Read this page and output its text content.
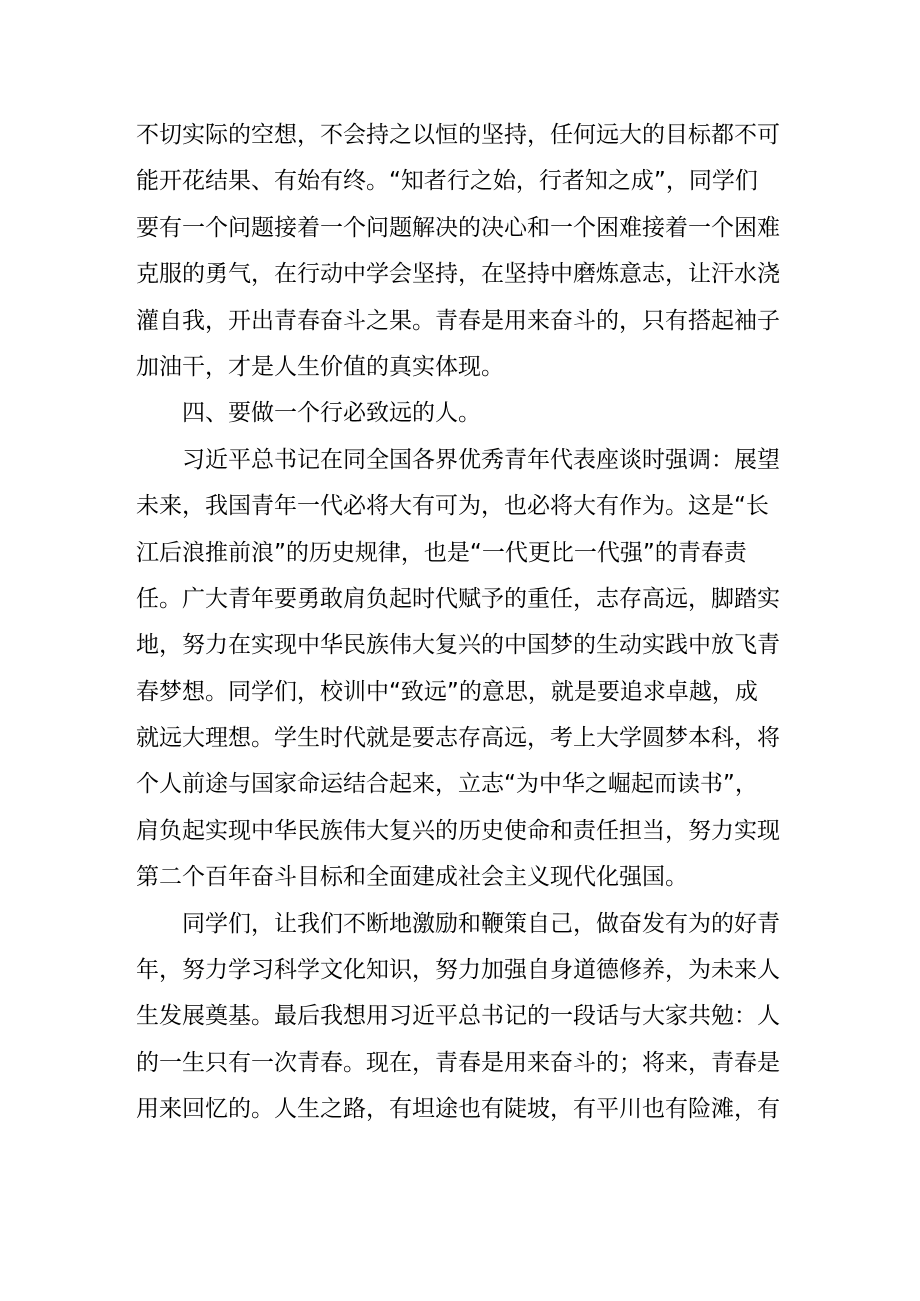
不切实际的空想，不会持之以恒的坚持，任何远大的目标都不可
能开花结果、有始有终。“知者行之始，行者知之成”，同学们
要有一个问题接着一个问题解决的决心和一个困难接着一个困难
克服的勇气，在行动中学会坚持，在坚持中磨炼意志，让汗水浇
灌自我，开出青春奋斗之果。青春是用来奋斗的，只有搭起袖子
加油干，才是人生价值的真实体现。
四、要做一个行必致远的人。
习近平总书记在同全国各界优秀青年代表座谈时强调：展望
未来，我国青年一代必将大有可为，也必将大有作为。这是“长
江后浪推前浪”的历史规律，也是“一代更比一代强”的青春责
任。广大青年要勇敢肩负起时代赋予的重任，志存高远，脚踏实
地，努力在实现中华民族伟大复兴的中国梦的生动实践中放飞青
春梦想。同学们，校训中“致远”的意思，就是要追求卓越，成
就远大理想。学生时代就是要志存高远，考上大学圆梦本科，将
个人前途与国家命运结合起来，立志“为中华之崛起而读书”，
肩负起实现中华民族伟大复兴的历史使命和责任担当，努力实现
第二个百年奋斗目标和全面建成社会主义现代化强国。
同学们，让我们不断地激励和鞭策自己，做奋发有为的好青
年，努力学习科学文化知识，努力加强自身道德修养，为未来人
生发展奠基。最后我想用习近平总书记的一段话与大家共勉：人
的一生只有一次青春。现在，青春是用来奋斗的；将来，青春是
用来回忆的。人生之路，有坦途也有陡坡，有平川也有险滩，有
